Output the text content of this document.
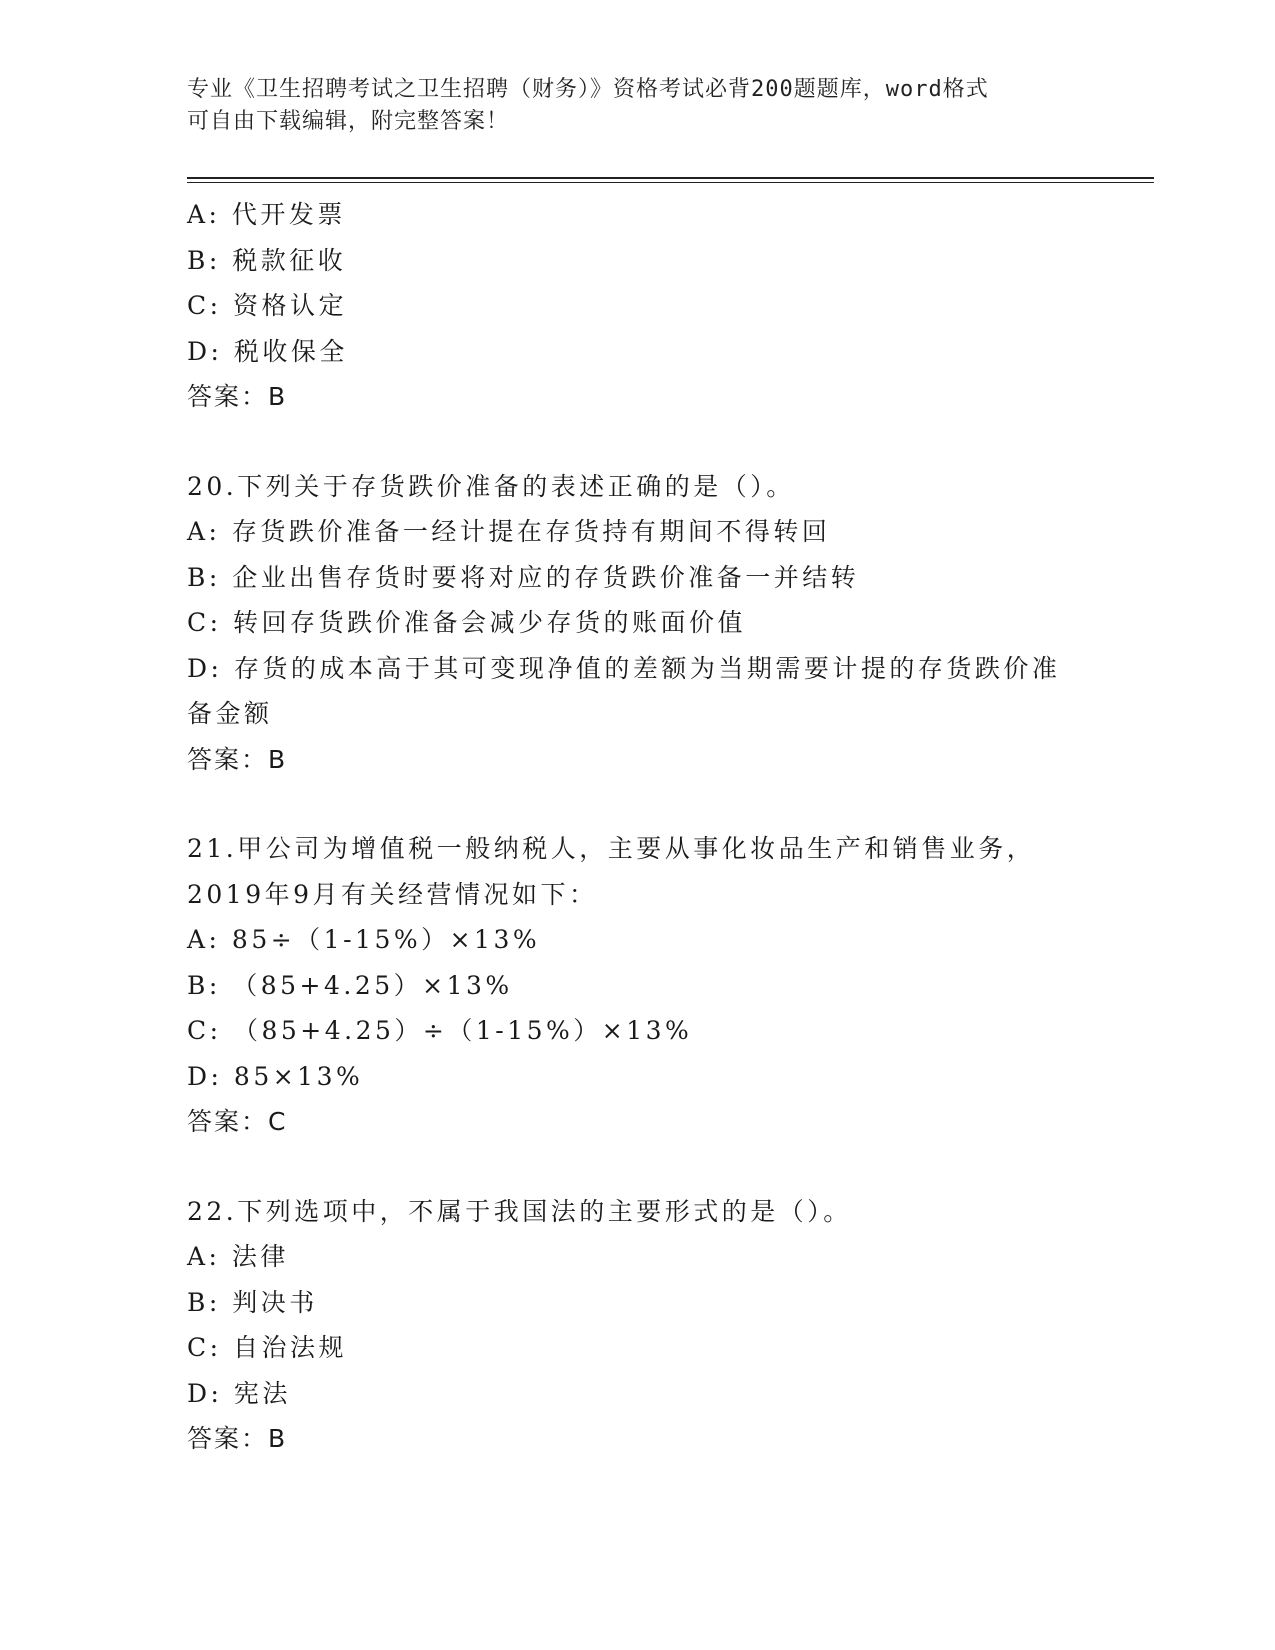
专业《卫生招聘考试之卫生招聘（财务）》资格考试必背200题题库，word格式
可自由下载编辑，附完整答案！
A: 代开发票
B: 税款征收
C: 资格认定
D: 税收保全
答案：B
20.下列关于存货跌价准备的表述正确的是（）。
A: 存货跌价准备一经计提在存货持有期间不得转回
B: 企业出售存货时要将对应的存货跌价准备一并结转
C: 转回存货跌价准备会减少存货的账面价值
D: 存货的成本高于其可变现净值的差额为当期需要计提的存货跌价准
备金额
答案：B
21.甲公司为增值税一般纳税人，主要从事化妆品生产和销售业务，
2019年9月有关经营情况如下：
A: 85÷（1-15%）×13%
B: （85+4.25）×13%
C: （85+4.25）÷（1-15%）×13%
D: 85×13%
答案：C
22.下列选项中，不属于我国法的主要形式的是（）。
A: 法律
B: 判决书
C: 自治法规
D: 宪法
答案：B
